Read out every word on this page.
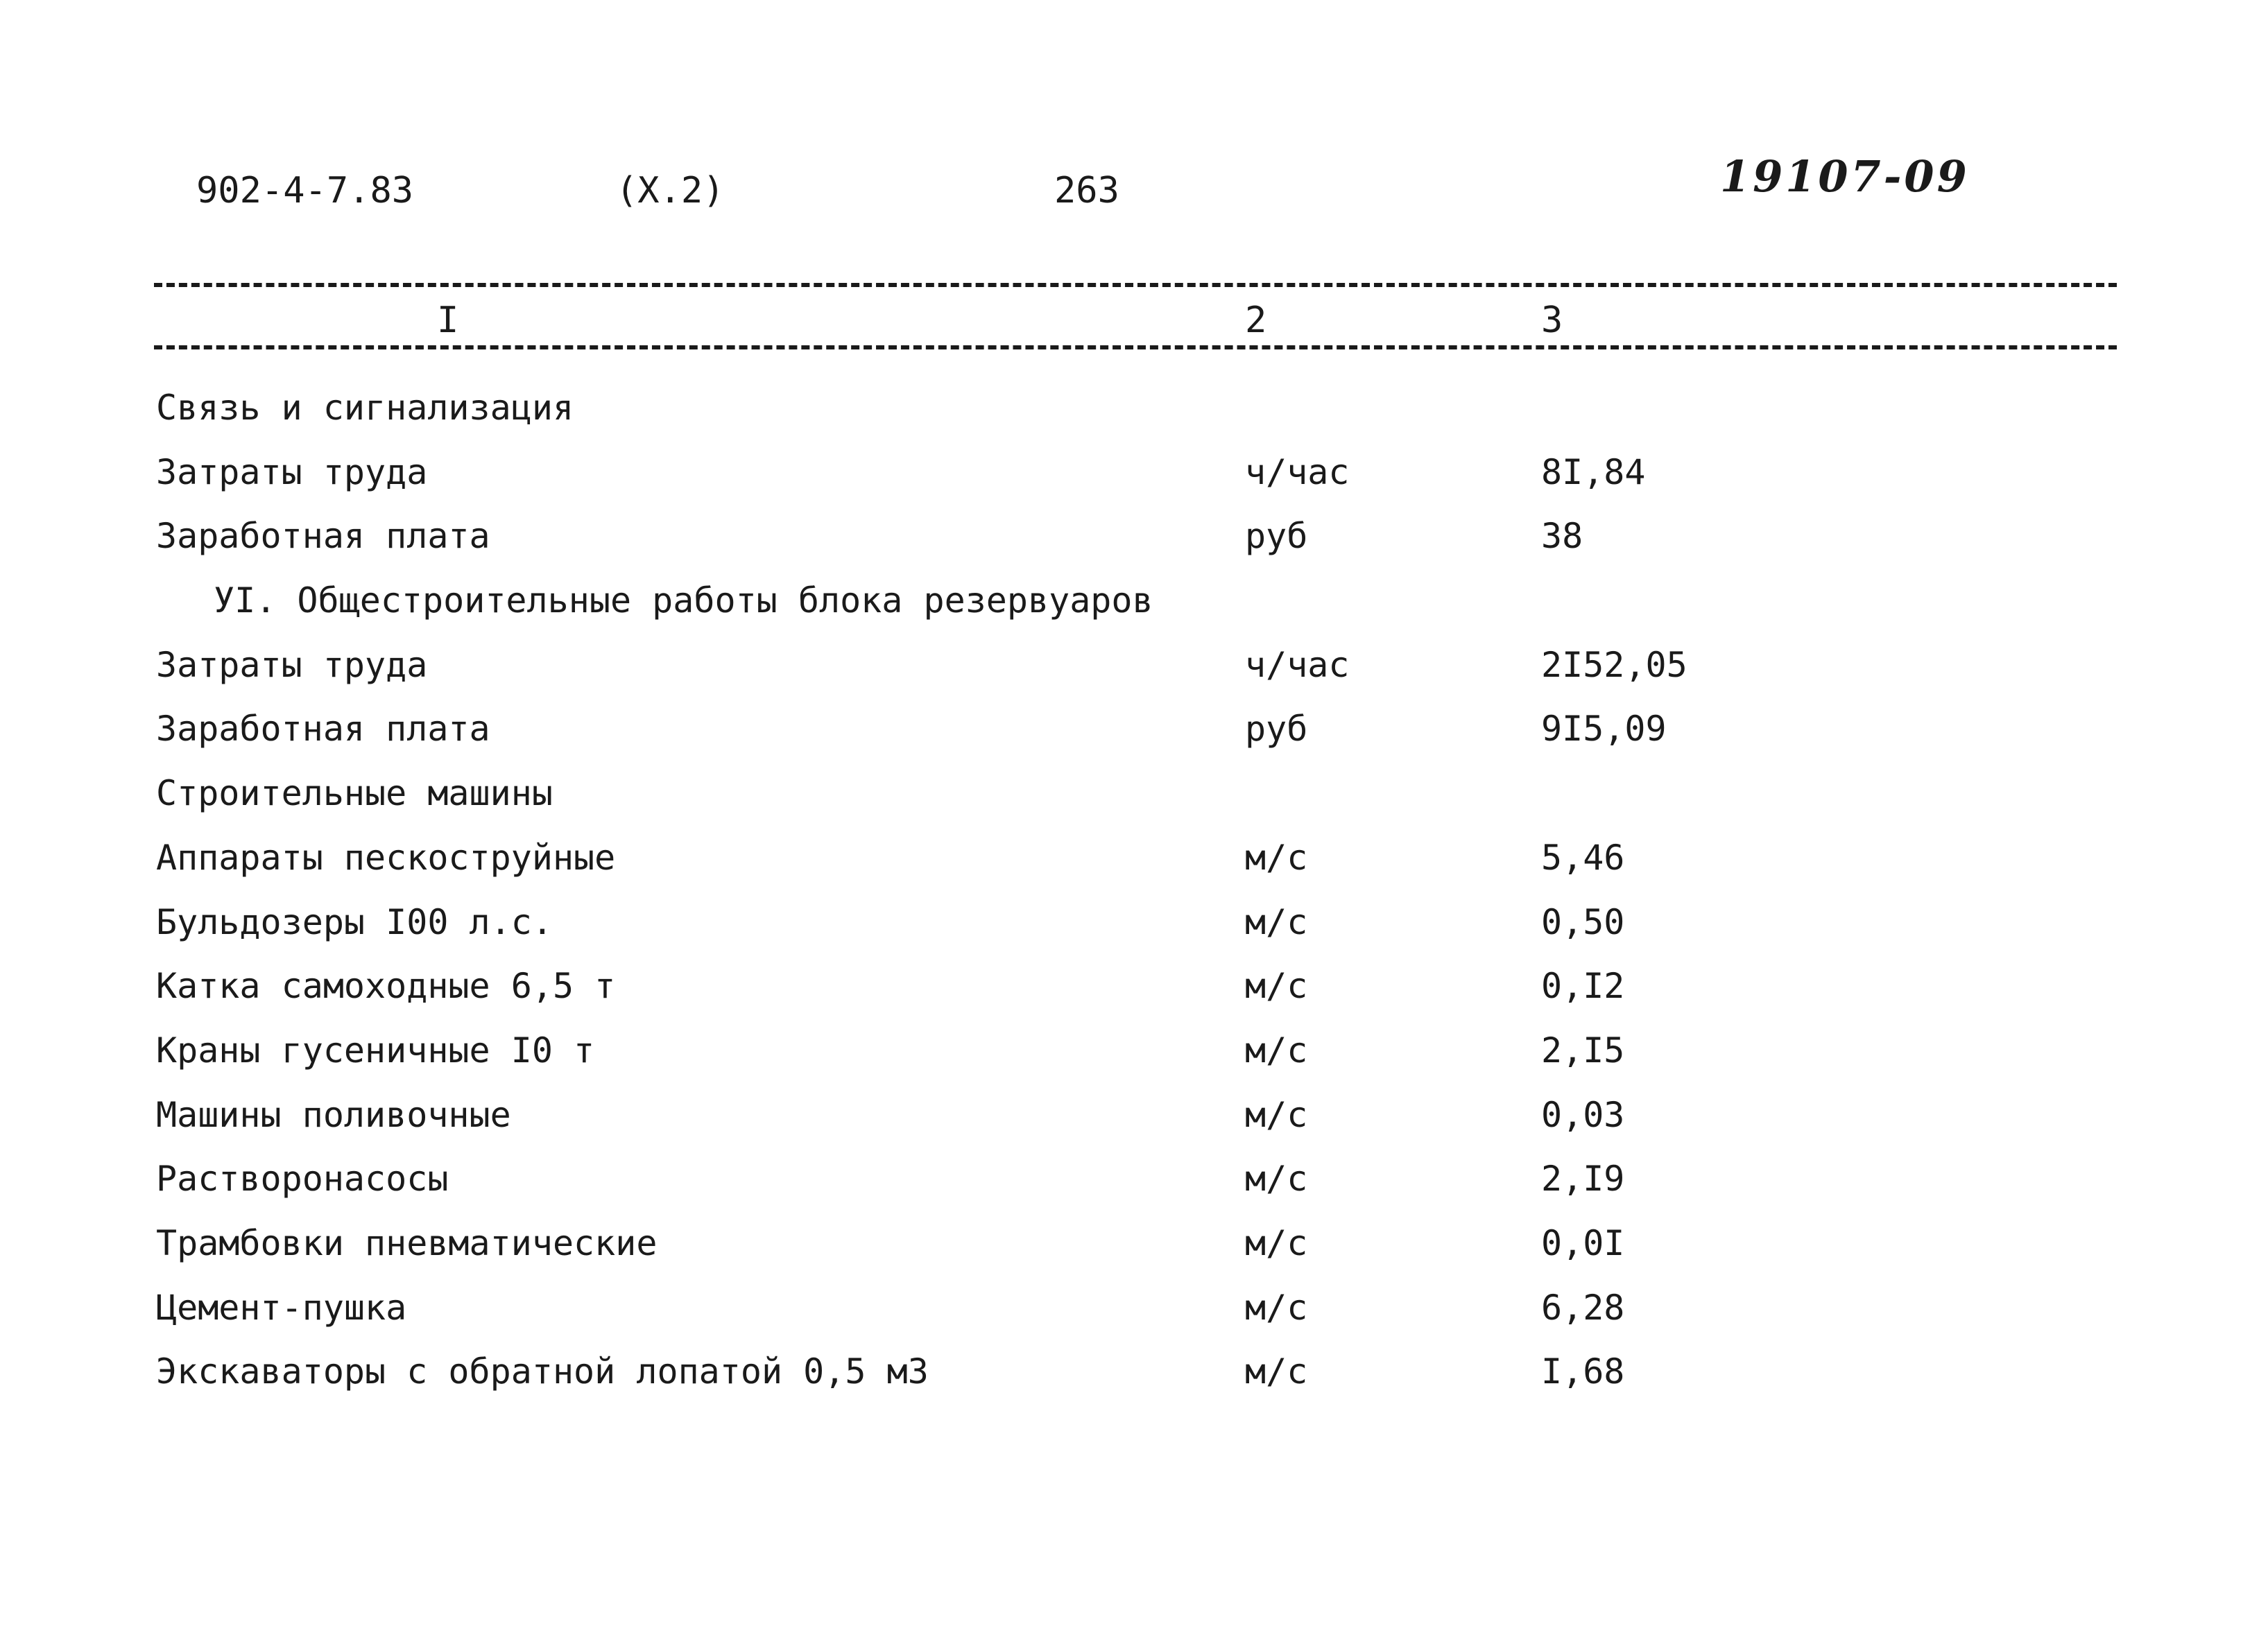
902-4-7.83	(X.2)	263	19107-09
I	2	3
Связь и сигнализация
Затраты труда	ч/час	8I,84
Заработная плата	руб	38
УI. Общестроительные работы блока резервуаров
Затраты труда	ч/час	2I52,05
Заработная плата	руб	9I5,09
Строительные машины
Аппараты пескоструйные	м/с	5,46
Бульдозеры I00 л.с.	м/с	0,50
Катка самоходные 6,5 т	м/с	0,I2
Краны гусеничные I0 т	м/с	2,I5
Машины поливочные	м/с	0,03
Растворонасосы	м/с	2,I9
Трамбовки пневматические	м/с	0,0I
Цемент-пушка	м/с	6,28
Экскаваторы с обратной лопатой 0,5 м3	м/с	I,68
